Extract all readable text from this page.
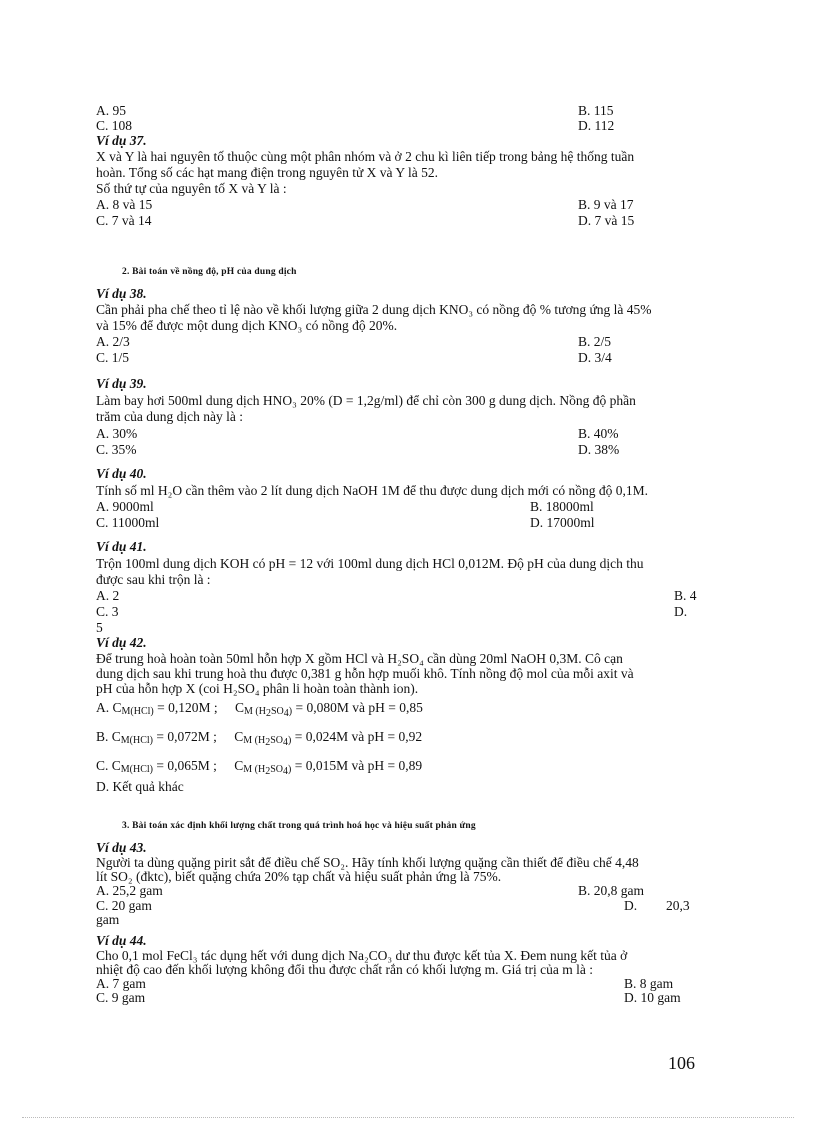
A. 95	B. 115
C. 108	D. 112
Ví dụ 37.
X và Y là hai nguyên tố thuộc cùng một phân nhóm và ở 2 chu kì liên tiếp trong bảng hệ thống tuần
hoàn. Tổng số các hạt mang điện trong nguyên tử X và Y là 52.
Số thứ tự của nguyên tố X và Y là :
A. 8 và 15	B. 9 và 17
C. 7 và 14	D. 7 và 15
2. Bài toán về nồng độ, pH của dung dịch
Ví dụ 38.
Cần phải pha chế theo tỉ lệ nào về khối lượng giữa 2 dung dịch KNO₃ có nồng độ % tương ứng là 45%
và 15% để được một dung dịch KNO₃ có nồng độ 20%.
A. 2/3	B. 2/5
C. 1/5	D. 3/4
Ví dụ 39.
Làm bay hơi 500ml dung dịch HNO₃ 20% (D = 1,2g/ml) để chỉ còn 300 g dung dịch. Nồng độ phần
trăm của dung dịch này là :
A. 30%	B. 40%
C. 35%	D. 38%
Ví dụ 40.
Tính số ml H₂O cần thêm vào 2 lít dung dịch NaOH 1M để thu được dung dịch mới có nồng độ 0,1M.
A. 9000ml	B. 18000ml
C. 11000ml	D. 17000ml
Ví dụ 41.
Trộn 100ml dung dịch KOH có pH = 12 với 100ml dung dịch HCl 0,012M. Độ pH của dung dịch thu
được sau khi trộn là :
A. 2	B. 4
C. 3	D.
5
Ví dụ 42.
Để trung hoà hoàn toàn 50ml hỗn hợp X gồm HCl và H₂SO₄ cần dùng 20ml NaOH 0,3M. Cô cạn
dung dịch sau khi trung hoà thu được 0,381 g hỗn hợp muối khô. Tính nồng độ mol của mỗi axit và
pH của hỗn hợp X (coi H₂SO₄ phân li hoàn toàn thành ion).
A. $C_{M(HCl)} = 0,120M$ ; $C_{M (H_2SO_4)} = 0,080M$ và pH = 0,85
B. $C_{M(HCl)} = 0,072M$ ; $C_{M (H_2SO_4)} = 0,024M$ và pH = 0,92
C. $C_{M(HCl)} = 0,065M$ ; $C_{M (H_2SO_4)} = 0,015M$ và pH = 0,89
D. Kết quả khác
3. Bài toán xác định khối lượng chất trong quá trình hoá học và hiệu suất phản ứng
Ví dụ 43.
Người ta dùng quặng pirit sắt để điều chế SO₂. Hãy tính khối lượng quặng cần thiết để điều chế 4,48
lít SO₂ (đktc), biết quặng chứa 20% tạp chất và hiệu suất phản ứng là 75%.
A. 25,2 gam	B. 20,8 gam
C. 20 gam	D. 20,3
gam
Ví dụ 44.
Cho 0,1 mol FeCl₃ tác dụng hết với dung dịch Na₂CO₃ dư thu được kết tủa X. Đem nung kết tủa ở
nhiệt độ cao đến khối lượng không đổi thu được chất rắn có khối lượng m. Giá trị của m là :
A. 7 gam	B. 8 gam
C. 9 gam	D. 10 gam
106
